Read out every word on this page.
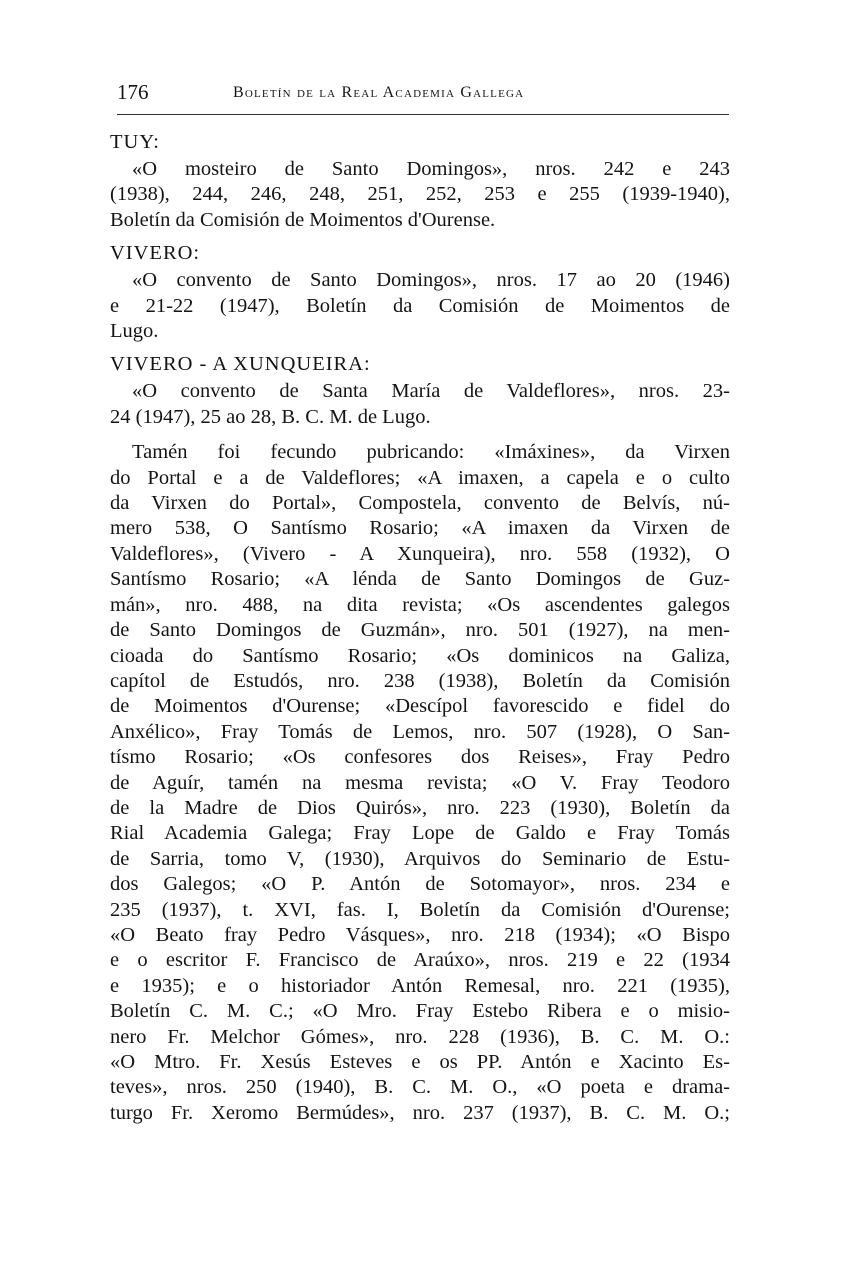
176	Boletín de la Real Academia Gallega
TUY:
«O mosteiro de Santo Domingos», nros. 242 e 243
(1938), 244, 246, 248, 251, 252, 253 e 255 (1939-1940),
Boletín da Comisión de Moimentos d'Ourense.
VIVERO:
«O convento de Santo Domingos», nros. 17 ao 20 (1946)
e 21-22 (1947), Boletín da Comisión de Moimentos de
Lugo.
VIVERO - A XUNQUEIRA:
«O convento de Santa María de Valdeflores», nros. 23-
24 (1947), 25 ao 28, B. C. M. de Lugo.
Tamén foi fecundo pubricando: «Imáxines», da Virxen
do Portal e a de Valdeflores; «A imaxen, a capela e o culto
da Virxen do Portal», Compostela, convento de Belvís, nú-
mero 538, O Santísmo Rosario; «A imaxen da Virxen de
Valdeflores», (Vivero - A Xunqueira), nro. 558 (1932), O
Santísmo Rosario; «A lénda de Santo Domingos de Guz-
mán», nro. 488, na dita revista; «Os ascendentes galegos
de Santo Domingos de Guzmán», nro. 501 (1927), na men-
cioada do Santísmo Rosario; «Os dominicos na Galiza,
capítol de Estudós, nro. 238 (1938), Boletín da Comisión
de Moimentos d'Ourense; «Descípol favorescido e fidel do
Anxélico», Fray Tomás de Lemos, nro. 507 (1928), O San-
tísmo Rosario; «Os confesores dos Reises», Fray Pedro
de Aguír, tamén na mesma revista; «O V. Fray Teodoro
de la Madre de Dios Quirós», nro. 223 (1930), Boletín da
Rial Academia Galega; Fray Lope de Galdo e Fray Tomás
de Sarria, tomo V, (1930), Arquivos do Seminario de Estu-
dos Galegos; «O P. Antón de Sotomayor», nros. 234 e
235 (1937), t. XVI, fas. I, Boletín da Comisión d'Ourense;
«O Beato fray Pedro Vásques», nro. 218 (1934); «O Bispo
e o escritor F. Francisco de Araúxo», nros. 219 e 22 (1934
e 1935); e o historiador Antón Remesal, nro. 221 (1935),
Boletín C. M. C.; «O Mro. Fray Estebo Ribera e o misio-
nero Fr. Melchor Gómes», nro. 228 (1936), B. C. M. O.:
«O Mtro. Fr. Xesús Esteves e os PP. Antón e Xacinto Es-
teves», nros. 250 (1940), B. C. M. O., «O poeta e drama-
turgo Fr. Xeromo Bermúdes», nro. 237 (1937), B. C. M. O.;
